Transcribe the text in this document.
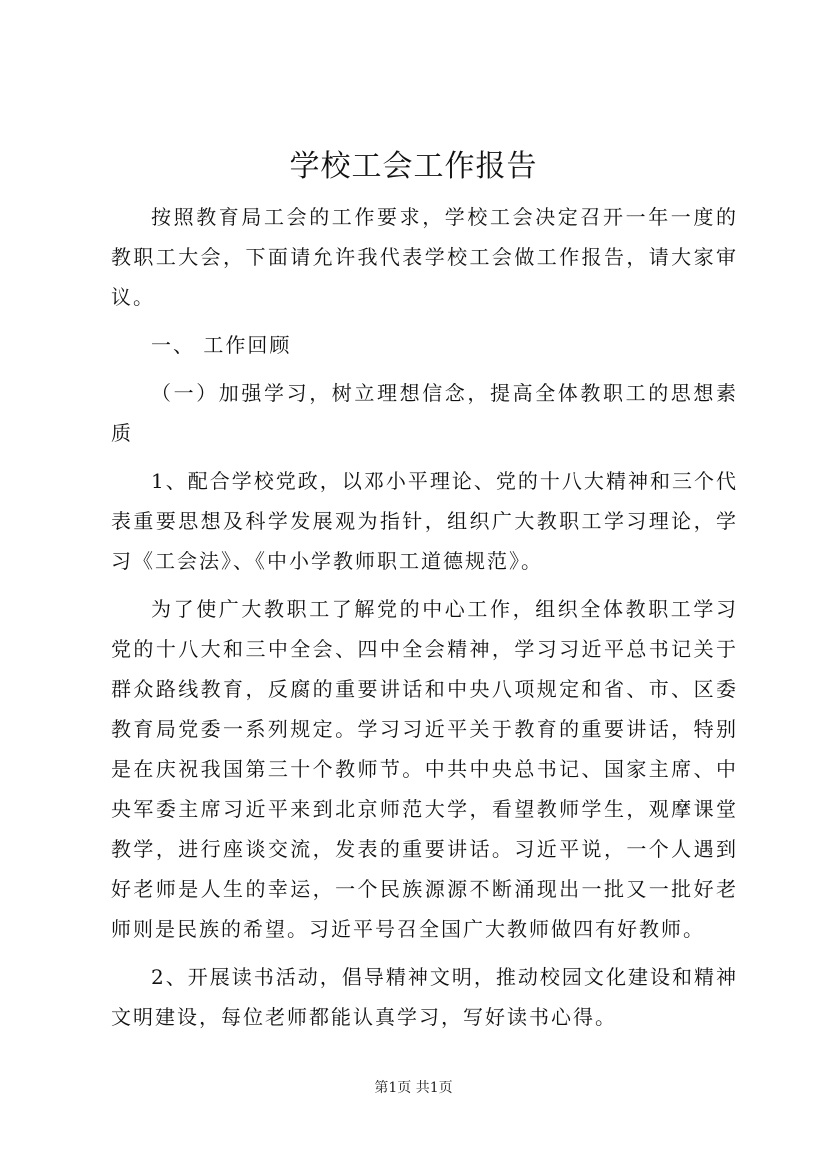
学校工会工作报告

按照教育局工会的工作要求，学校工会决定召开一年一度的教职工大会，下面请允许我代表学校工会做工作报告，请大家审议。

一、 工作回顾

（一）加强学习，树立理想信念，提高全体教职工的思想素质

1、配合学校党政，以邓小平理论、党的十八大精神和三个代表重要思想及科学发展观为指针，组织广大教职工学习理论，学习《工会法》、《中小学教师职工道德规范》。

为了使广大教职工了解党的中心工作，组织全体教职工学习党的十八大和三中全会、四中全会精神，学习习近平总书记关于群众路线教育，反腐的重要讲话和中央八项规定和省、市、区委教育局党委一系列规定。学习习近平关于教育的重要讲话，特别是在庆祝我国第三十个教师节。中共中央总书记、国家主席、中央军委主席习近平来到北京师范大学，看望教师学生，观摩课堂教学，进行座谈交流，发表的重要讲话。习近平说，一个人遇到好老师是人生的幸运，一个民族源源不断涌现出一批又一批好老师则是民族的希望。习近平号召全国广大教师做四有好教师。

2、开展读书活动，倡导精神文明，推动校园文化建设和精神文明建设，每位老师都能认真学习，写好读书心得。

第1页 共1页
